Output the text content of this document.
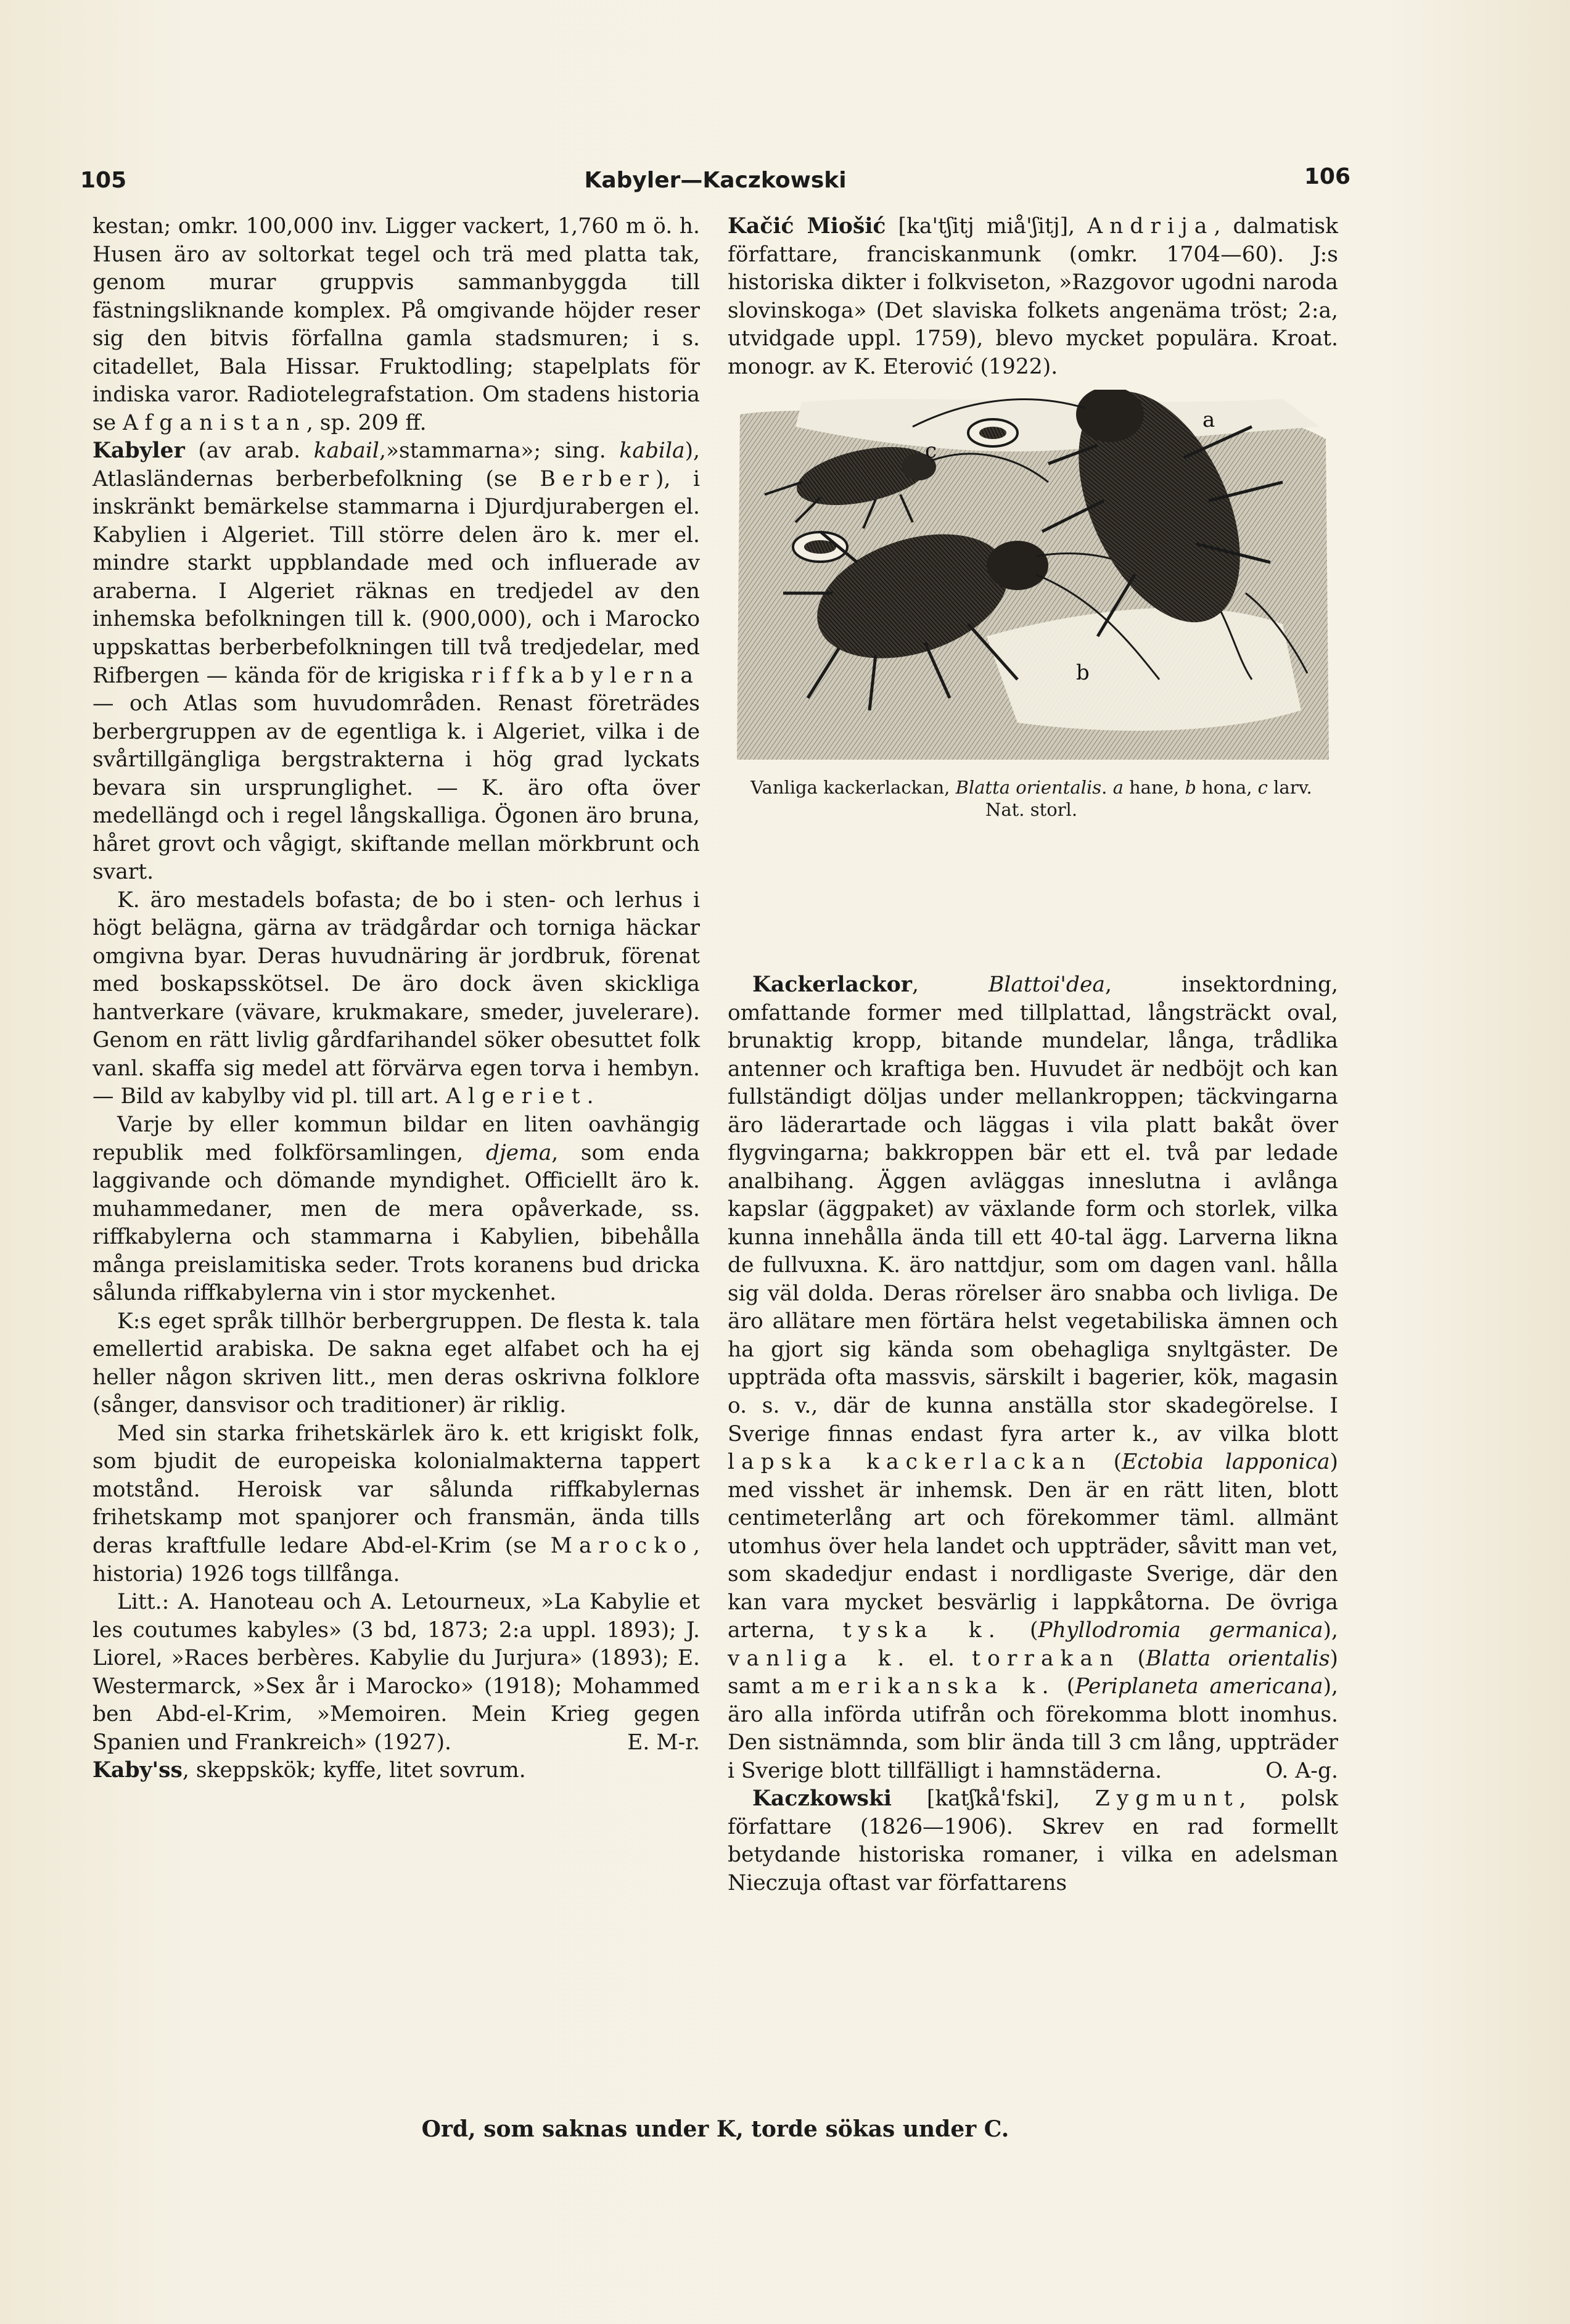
105	Kabyler—Kaczkowski	106

kestan; omkr. 100,000 inv. Ligger vackert, 1,760 m ö. h. Husen äro av soltorkat tegel och trä med platta tak, genom murar gruppvis sammanbyggda till fästningsliknande komplex. På omgivande höjder reser sig den bitvis förfallna gamla stadsmuren; i s. citadellet, Bala Hissar. Fruktodling; stapelplats för indiska varor. Radiotelegrafstation. Om stadens historia se Afganistan, sp. 209 ff.

Kabyler (av arab. kabail,»stammarna»; sing. kabila), Atlasländernas berberbefolkning (se Berber), i inskränkt bemärkelse stammarna i Djurdjurabergen el. Kabylien i Algeriet. Till större delen äro k. mer el. mindre starkt uppblandade med och influerade av araberna. I Algeriet räknas en tredjedel av den inhemska befolkningen till k. (900,000), och i Marocko uppskattas berberbefolkningen till två tredjedelar, med Rifbergen — kända för de krigiska riffkabylerna — och Atlas som huvudområden. Renast företrädes berbergruppen av de egentliga k. i Algeriet, vilka i de svårtillgängliga bergstrakterna i hög grad lyckats bevara sin ursprunglighet. — K. äro ofta över medellängd och i regel långskalliga. Ögonen äro bruna, håret grovt och vågigt, skiftande mellan mörkbrunt och svart.

K. äro mestadels bofasta; de bo i sten- och lerhus i högt belägna, gärna av trädgårdar och torniga häckar omgivna byar. Deras huvudnäring är jordbruk, förenat med boskapsskötsel. De äro dock även skickliga hantverkare (vävare, krukmakare, smeder, juvelerare). Genom en rätt livlig gårdfarihandel söker obesuttet folk vanl. skaffa sig medel att förvärva egen torva i hembyn. — Bild av kabylby vid pl. till art. Algeriet.

Varje by eller kommun bildar en liten oavhängig republik med folkförsamlingen, djema, som enda laggivande och dömande myndighet. Officiellt äro k. muhammedaner, men de mera opåverkade, ss. riffkabylerna och stammarna i Kabylien, bibehålla många preislamitiska seder. Trots koranens bud dricka sålunda riffkabylerna vin i stor myckenhet.

K:s eget språk tillhör berbergruppen. De flesta k. tala emellertid arabiska. De sakna eget alfabet och ha ej heller någon skriven litt., men deras oskrivna folklore (sånger, dansvisor och traditioner) är riklig.

Med sin starka frihetskärlek äro k. ett krigiskt folk, som bjudit de europeiska kolonialmakterna tappert motstånd. Heroisk var sålunda riffkabylernas frihetskamp mot spanjorer och fransmän, ända tills deras kraftfulle ledare Abd-el-Krim (se Marocko, historia) 1926 togs tillfånga.

Litt.: A. Hanoteau och A. Letourneux, »La Kabylie et les coutumes kabyles» (3 bd, 1873; 2:a uppl. 1893); J. Liorel, »Races berbères. Kabylie du Jurjura» (1893); E. Westermarck, »Sex år i Marocko» (1918); Mohammed ben Abd-el-Krim, »Memoiren. Mein Krieg gegen Spanien und Frankreich» (1927).	E. M-r.

Kaby'ss, skeppskök; kyffe, litet sovrum.

Kačić Miošić [ka'tʃitj miå'ʃitj], Andrija, dalmatisk författare, franciskanmunk (omkr. 1704—60). J:s historiska dikter i folkviseton, »Razgovor ugodni naroda slovinskoga» (Det slaviska folkets angenäma tröst; 2:a, utvidgade uppl. 1759), blevo mycket populära. Kroat. monogr. av K. Eterović (1922).

a
b
c
Vanliga kackerlackan, Blatta orientalis. a hane, b hona, c larv. Nat. storl.

Kackerlackor, Blattoi'dea, insektordning, omfattande former med tillplattad, långsträckt oval, brunaktig kropp, bitande mundelar, långa, trådlika antenner och kraftiga ben. Huvudet är nedböjt och kan fullständigt döljas under mellankroppen; täckvingarna äro läderartade och läggas i vila platt bakåt över flygvingarna; bakkroppen bär ett el. två par ledade analbihang. Äggen avläggas inneslutna i avlånga kapslar (äggpaket) av växlande form och storlek, vilka kunna innehålla ända till ett 40-tal ägg. Larverna likna de fullvuxna. K. äro nattdjur, som om dagen vanl. hålla sig väl dolda. Deras rörelser äro snabba och livliga. De äro allätare men förtära helst vegetabiliska ämnen och ha gjort sig kända som obehagliga snyltgäster. De uppträda ofta massvis, särskilt i bagerier, kök, magasin o. s. v., där de kunna anställa stor skadegörelse. I Sverige finnas endast fyra arter k., av vilka blott lapska kackerlackan (Ectobia lapponica) med visshet är inhemsk. Den är en rätt liten, blott centimeterlång art och förekommer täml. allmänt utomhus över hela landet och uppträder, såvitt man vet, som skadedjur endast i nordligaste Sverige, där den kan vara mycket besvärlig i lappkåtorna. De övriga arterna, tyska k. (Phyllodromia germanica), vanliga k. el. torrakan (Blatta orientalis) samt amerikanska k. (Periplaneta americana), äro alla införda utifrån och förekomma blott inomhus. Den sistnämnda, som blir ända till 3 cm lång, uppträder i Sverige blott tillfälligt i hamnstäderna.	O. A-g.

Kaczkowski [katʃkå'fski], Zygmunt, polsk författare (1826—1906). Skrev en rad formellt betydande historiska romaner, i vilka en adelsman Nieczuja oftast var författarens

Ord, som saknas under K, torde sökas under C.
